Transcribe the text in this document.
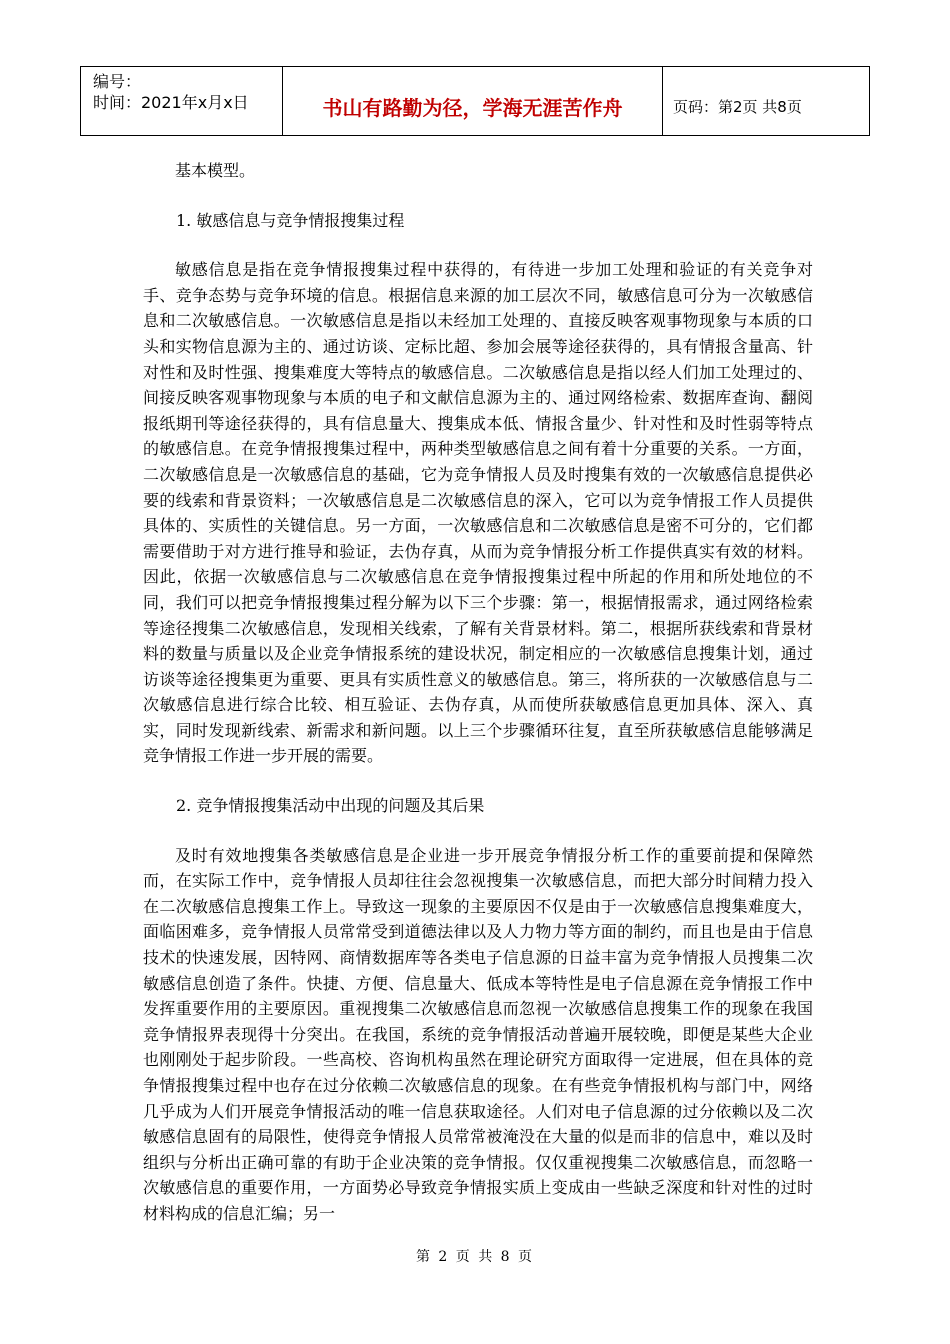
编号：
时间：2021年x月x日	书山有路勤为径，学海无涯苦作舟	页码：第2页 共8页

基本模型。

1. 敏感信息与竞争情报搜集过程

敏感信息是指在竞争情报搜集过程中获得的，有待进一步加工处理和验证的有关竞争对手、竞争态势与竞争环境的信息。根据信息来源的加工层次不同，敏感信息可分为一次敏感信息和二次敏感信息。一次敏感信息是指以未经加工处理的、直接反映客观事物现象与本质的口头和实物信息源为主的、通过访谈、定标比超、参加会展等途径获得的，具有情报含量高、针对性和及时性强、搜集难度大等特点的敏感信息。二次敏感信息是指以经人们加工处理过的、间接反映客观事物现象与本质的电子和文献信息源为主的、通过网络检索、数据库查询、翻阅报纸期刊等途径获得的，具有信息量大、搜集成本低、情报含量少、针对性和及时性弱等特点的敏感信息。在竞争情报搜集过程中，两种类型敏感信息之间有着十分重要的关系。一方面，二次敏感信息是一次敏感信息的基础，它为竞争情报人员及时搜集有效的一次敏感信息提供必要的线索和背景资料；一次敏感信息是二次敏感信息的深入，它可以为竞争情报工作人员提供具体的、实质性的关键信息。另一方面，一次敏感信息和二次敏感信息是密不可分的，它们都需要借助于对方进行推导和验证，去伪存真，从而为竞争情报分析工作提供真实有效的材料。因此，依据一次敏感信息与二次敏感信息在竞争情报搜集过程中所起的作用和所处地位的不同，我们可以把竞争情报搜集过程分解为以下三个步骤：第一，根据情报需求，通过网络检索等途径搜集二次敏感信息，发现相关线索，了解有关背景材料。第二，根据所获线索和背景材料的数量与质量以及企业竞争情报系统的建设状况，制定相应的一次敏感信息搜集计划，通过访谈等途径搜集更为重要、更具有实质性意义的敏感信息。第三，将所获的一次敏感信息与二次敏感信息进行综合比较、相互验证、去伪存真，从而使所获敏感信息更加具体、深入、真实，同时发现新线索、新需求和新问题。以上三个步骤循环往复，直至所获敏感信息能够满足竞争情报工作进一步开展的需要。

2. 竞争情报搜集活动中出现的问题及其后果

及时有效地搜集各类敏感信息是企业进一步开展竞争情报分析工作的重要前提和保障然而，在实际工作中，竞争情报人员却往往会忽视搜集一次敏感信息，而把大部分时间精力投入在二次敏感信息搜集工作上。导致这一现象的主要原因不仅是由于一次敏感信息搜集难度大，面临困难多，竞争情报人员常常受到道德法律以及人力物力等方面的制约，而且也是由于信息技术的快速发展，因特网、商情数据库等各类电子信息源的日益丰富为竞争情报人员搜集二次敏感信息创造了条件。快捷、方便、信息量大、低成本等特性是电子信息源在竞争情报工作中发挥重要作用的主要原因。重视搜集二次敏感信息而忽视一次敏感信息搜集工作的现象在我国竞争情报界表现得十分突出。在我国，系统的竞争情报活动普遍开展较晚，即便是某些大企业也刚刚处于起步阶段。一些高校、咨询机构虽然在理论研究方面取得一定进展，但在具体的竞争情报搜集过程中也存在过分依赖二次敏感信息的现象。在有些竞争情报机构与部门中，网络几乎成为人们开展竞争情报活动的唯一信息获取途径。人们对电子信息源的过分依赖以及二次敏感信息固有的局限性，使得竞争情报人员常常被淹没在大量的似是而非的信息中，难以及时组织与分析出正确可靠的有助于企业决策的竞争情报。仅仅重视搜集二次敏感信息，而忽略一次敏感信息的重要作用，一方面势必导致竞争情报实质上变成由一些缺乏深度和针对性的过时材料构成的信息汇编；另一

第 2 页 共 8 页
